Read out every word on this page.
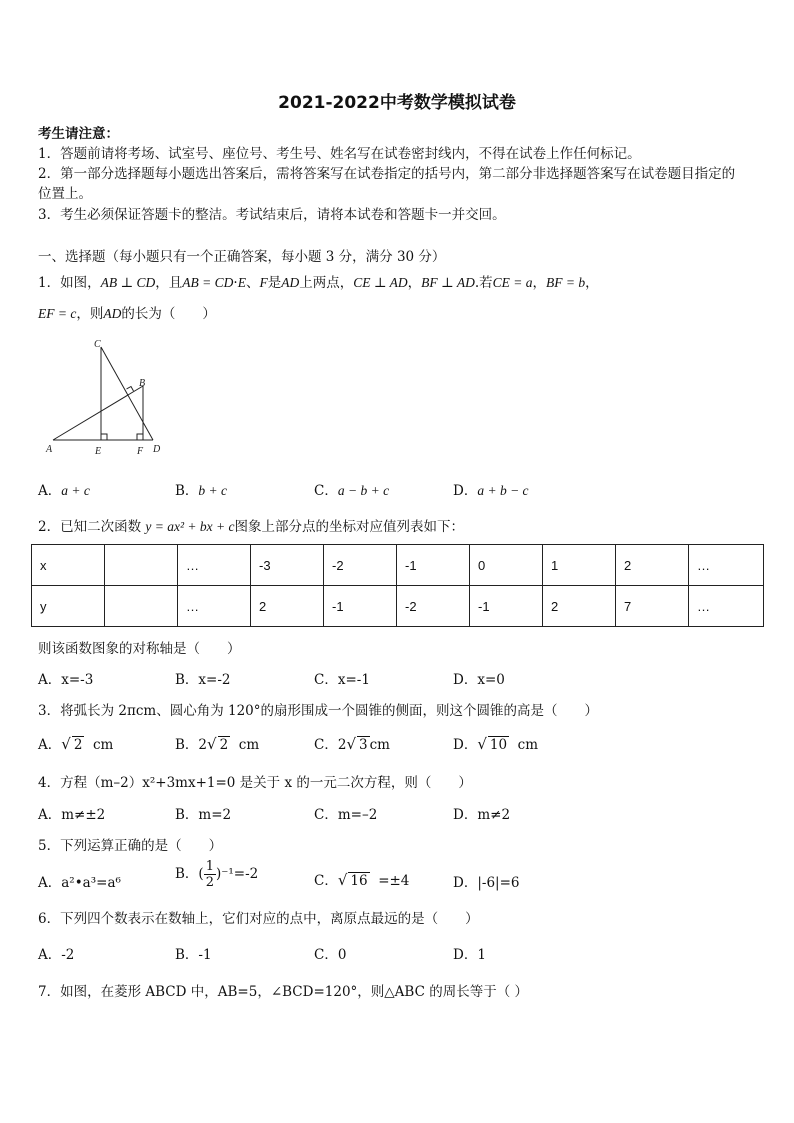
2021-2022中考数学模拟试卷
考生请注意：
1．答题前请将考场、试室号、座位号、考生号、姓名写在试卷密封线内，不得在试卷上作任何标记。
2．第一部分选择题每小题选出答案后，需将答案写在试卷指定的括号内，第二部分非选择题答案写在试卷题目指定的
位置上。
3．考生必须保证答题卡的整洁。考试结束后，请将本试卷和答题卡一并交回。
一、选择题（每小题只有一个正确答案，每小题 3 分，满分 30 分）
1．如图，AB ⊥ CD，且AB = CD·E、F是AD上两点，CE ⊥ AD，BF ⊥ AD.若CE = a，BF = b，
EF = c，则AD的长为（　　）
C
B
A	E	F D
A．a + c	B．b + c	C．a − b + c	D．a + b − c
2．已知二次函数 y = ax² + bx + c图象上部分点的坐标对应值列表如下：
x		…	-3	-2	-1	0	1	2	…
y		…	2	-1	-2	-1	2	7	…
则该函数图象的对称轴是（　　）
A．x=-3	B．x=-2	C．x=-1	D．x=0
3．将弧长为 2πcm、圆心角为 120°的扇形围成一个圆锥的侧面，则这个圆锥的高是（　　）
A．√ 2 cm	B．2√ 2 cm	C．2√ 3 cm	D．√ 10 cm
4．方程（m–2）x²+3mx+1=0 是关于 x 的一元二次方程，则（　　）
A．m≠±2	B．m=2	C．m=–2	D．m≠2
5．下列运算正确的是（　　）
A．a²•a³=a⁶
B．( $\frac{1}{2} )^{-1}=-2$	C．√ 16 =±4	D．|-6|=6
6．下列四个数表示在数轴上，它们对应的点中，离原点最远的是（　　）
A．-2	B．-1	C．0	D．1
7．如图，在菱形 ABCD 中，AB=5，∠BCD=120°，则△ABC 的周长等于（ ）
